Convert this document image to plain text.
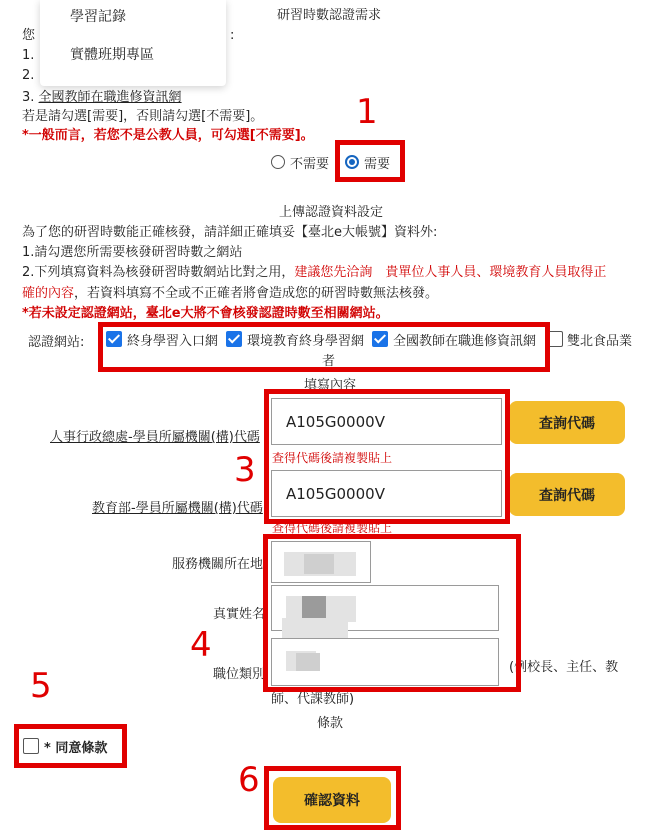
研習時數認證需求
您	:
1.
2.
3. 全國教師在職進修資訊網
若是請勾選[需要]，否則請勾選[不需要]。
*一般而言，若您不是公教人員，可勾選[不需要]。
學習記錄
實體班期專區
1
不需要	需要
上傳認證資料設定
為了您的研習時數能正確核發，請詳細正確填妥【臺北e大帳號】資料外:
1.請勾選您所需要核發研習時數之網站
2.下列填寫資料為核發研習時數網站比對之用，建議您先洽詢　貴單位人事人員、環境教育人員取得正
確的內容，若資料填寫不全或不正確者將會造成您的研習時數無法核發。
*若未設定認證網站，臺北e大將不會核發認證時數至相關網站。
認證網站:	終身學習入口網 環境教育終身學習網 全國教師在職進修資訊網 雙北食品業
者
填寫內容
人事行政總處-學員所屬機關(構)代碼
A105G0000V	查詢代碼
查得代碼後請複製貼上
教育部-學員所屬機關(構)代碼
A105G0000V	查詢代碼
查得代碼後請複製貼上
3
服務機關所在地
真實姓名
職位類別	(例校長、主任、教
師、代課教師)
條款
4
5
* 同意條款
6
確認資料
